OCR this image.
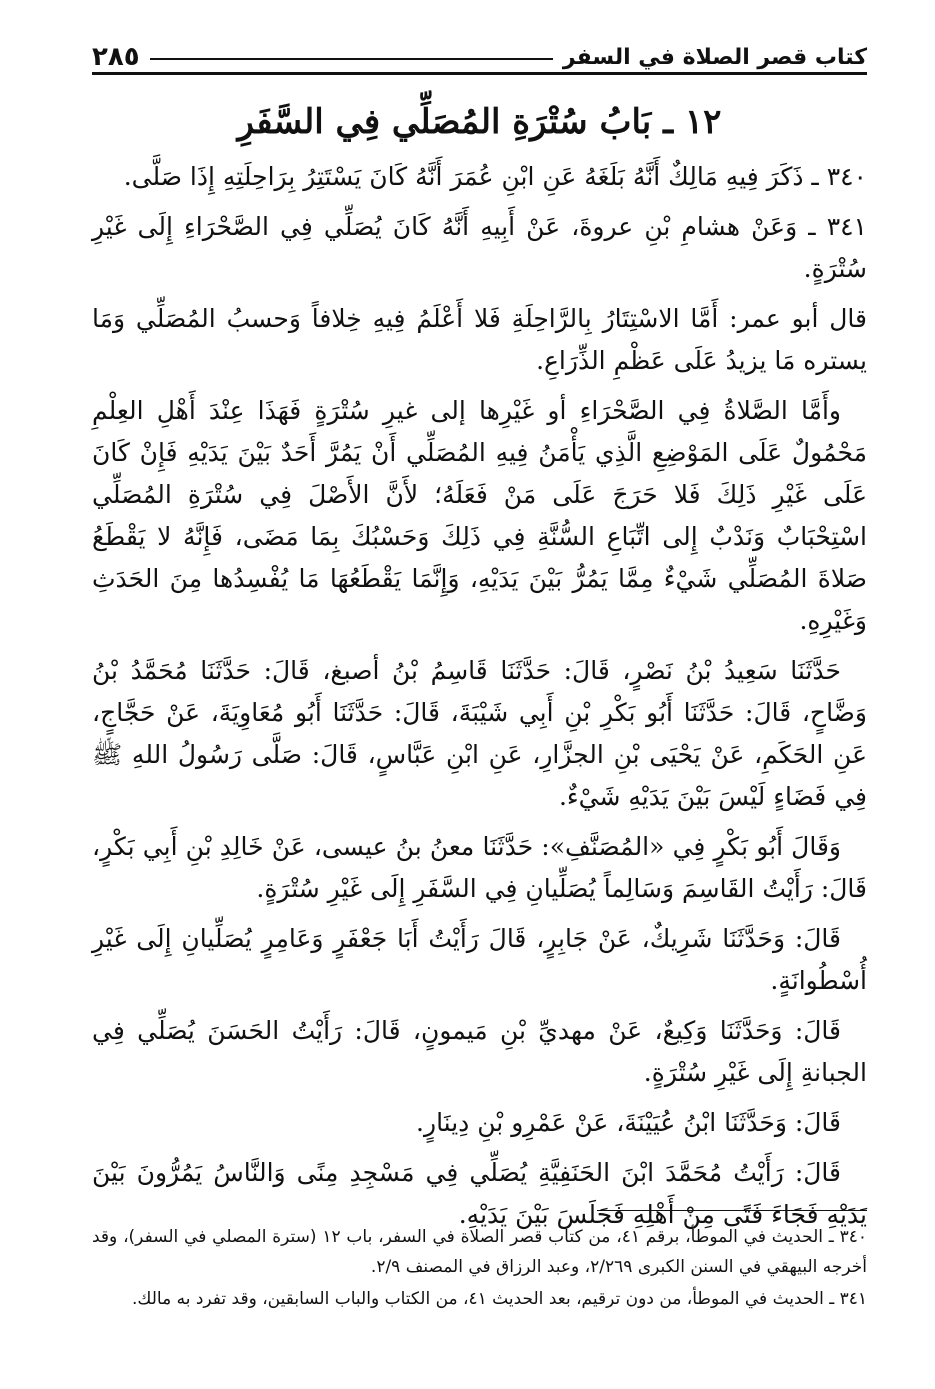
كتاب قصر الصلاة في السفر
٢٨٥
١٢ ـ بَابُ سُتْرَةِ المُصَلِّي فِي السَّفَرِ

٣٤٠ ـ ذَكَرَ فِيهِ مَالِكٌ أَنَّهُ بَلَغَهُ عَنِ ابْنِ عُمَرَ أَنَّهُ كَانَ يَسْتَتِرُ بِرَاحِلَتِهِ إِذَا صَلَّى.

٣٤١ ـ وَعَنْ هشامِ بْنِ عروةَ، عَنْ أَبِيهِ أَنَّهُ كَانَ يُصَلِّي فِي الصَّحْرَاءِ إِلَى غَيْرِ سُتْرَةٍ.

قال أبو عمر: أَمَّا الاسْتِتَارُ بِالرَّاحِلَةِ فَلا أَعْلَمُ فِيهِ خِلافاً وَحسبُ المُصَلِّي وَمَا يستره مَا يزيدُ عَلَى عَظْمِ الذِّرَاعِ.

وأَمَّا الصَّلاةُ فِي الصَّحْرَاءِ أو غَيْرِها إلى غيرِ سُتْرَةٍ فَهَذَا عِنْدَ أَهْلِ العِلْمِ مَحْمُولٌ عَلَى المَوْضِعِ الَّذِي يَأْمَنُ فِيهِ المُصَلِّي أَنْ يَمُرَّ أَحَدٌ بَيْنَ يَدَيْهِ فَإِنْ كَانَ عَلَى غَيْرِ ذَلِكَ فَلا حَرَجَ عَلَى مَنْ فَعَلَهُ؛ لأَنَّ الأَصْلَ فِي سُتْرَةِ المُصَلِّي اسْتِحْبَابٌ وَنَدْبٌ إِلى اتِّبَاعِ السُّنَّةِ فِي ذَلِكَ وَحَسْبُكَ بِمَا مَضَى، فَإِنَّهُ لا يَقْطَعُ صَلاةَ المُصَلِّي شَيْءٌ مِمَّا يَمُرُّ بَيْنَ يَدَيْهِ، وَإِنَّمَا يَقْطَعُهَا مَا يُفْسِدُها مِنَ الحَدَثِ وَغَيْرِهِ.

حَدَّثَنَا سَعِيدُ بْنُ نَصْرٍ، قَالَ: حَدَّثَنَا قَاسِمُ بْنُ أصبغ، قَالَ: حَدَّثَنَا مُحَمَّدُ بْنُ وَضَّاحٍ، قَالَ: حَدَّثَنَا أَبُو بَكْرِ بْنِ أَبِي شَيْبَةَ، قَالَ: حَدَّثَنَا أَبُو مُعَاوِيَةَ، عَنْ حَجَّاجٍ، عَنِ الحَكَمِ، عَنْ يَحْيَى بْنِ الجزَّارِ، عَنِ ابْنِ عَبَّاسٍ، قَالَ: صَلَّى رَسُولُ اللهِ ﷺ فِي فَضَاءٍ لَيْسَ بَيْنَ يَدَيْهِ شَيْءٌ.

وَقَالَ أَبُو بَكْرٍ فِي «المُصَنَّفِ»: حَدَّثَنَا معنُ بنُ عيسى، عَنْ خَالِدِ بْنِ أَبِي بَكْرٍ، قَالَ: رَأَيْتُ القَاسِمَ وَسَالِماً يُصَلِّيانِ فِي السَّفَرِ إِلَى غَيْرِ سُتْرَةٍ.

قَالَ: وَحَدَّثَنَا شَرِيكٌ، عَنْ جَابِرٍ، قَالَ رَأَيْتُ أَبَا جَعْفَرٍ وَعَامِرٍ يُصَلِّيانِ إِلَى غَيْرِ أُسْطُوانَةٍ.

قَالَ: وَحَدَّثَنَا وَكِيعٌ، عَنْ مهديِّ بْنِ مَيمونٍ، قَالَ: رَأَيْتُ الحَسَنَ يُصَلِّي فِي الجبانةِ إِلَى غَيْرِ سُتْرَةٍ.

قَالَ: وَحَدَّثَنَا ابْنُ عُيَيْنَةَ، عَنْ عَمْرِو بْنِ دِينَارٍ.

قَالَ: رَأَيْتُ مُحَمَّدَ ابْنَ الحَنَفِيَّةِ يُصَلِّي فِي مَسْجِدِ مِنًى وَالنَّاسُ يَمُرُّونَ بَيْنَ يَدَيْهِ فَجَاءَ فَتًى مِنْ أَهْلِهِ فَجَلَسَ بَيْنَ يَدَيْهِ.

٣٤٠ ـ الحديث في الموطأ، برقم ٤١، من كتاب قصر الصلاة في السفر، باب ١٢ (سترة المصلي في السفر)، وقد أخرجه البيهقي في السنن الكبرى ٢/٢٦٩، وعبد الرزاق في المصنف ٢/٩.

٣٤١ ـ الحديث في الموطأ، من دون ترقيم، بعد الحديث ٤١، من الكتاب والباب السابقين، وقد تفرد به مالك.
